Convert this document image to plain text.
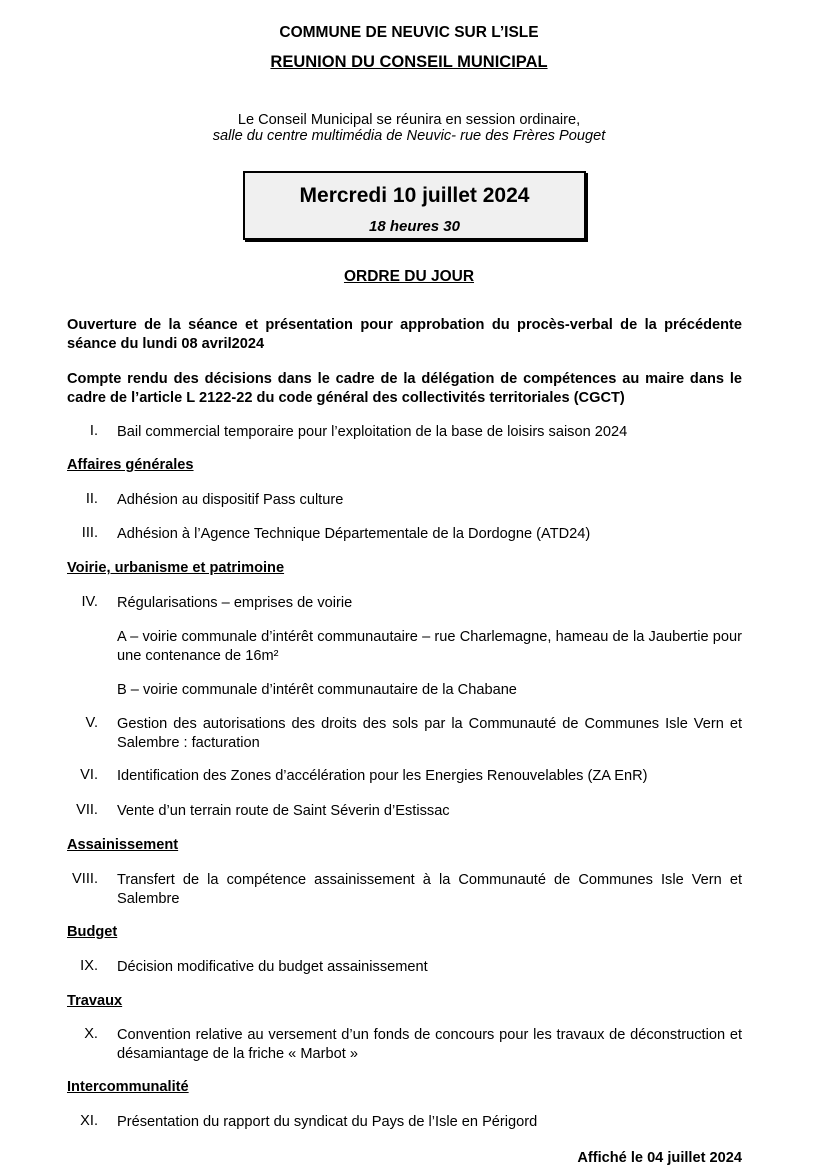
COMMUNE DE NEUVIC SUR L’ISLE
REUNION DU CONSEIL MUNICIPAL
Le Conseil Municipal se réunira en session ordinaire,
salle du centre multimédia de Neuvic- rue des Frères Pouget
Mercredi 10 juillet 2024
18 heures 30
ORDRE DU JOUR
Ouverture de la séance et présentation pour approbation du procès-verbal de la précédente séance du lundi 08 avril2024
Compte rendu des décisions dans le cadre de la délégation de compétences au maire dans le cadre de l’article L 2122-22 du code général des collectivités territoriales (CGCT)
I. Bail commercial temporaire pour l’exploitation de la base de loisirs saison 2024
Affaires générales
II. Adhésion au dispositif Pass culture
III. Adhésion à l’Agence Technique Départementale de la Dordogne (ATD24)
Voirie, urbanisme et patrimoine
IV. Régularisations – emprises de voirie
A – voirie communale d’intérêt communautaire – rue Charlemagne, hameau de la Jaubertie pour une contenance de 16m²
B – voirie communale d’intérêt communautaire de la Chabane
V. Gestion des autorisations des droits des sols par la Communauté de Communes Isle Vern et Salembre : facturation
VI. Identification des Zones d’accélération pour les Energies Renouvelables (ZA EnR)
VII. Vente d’un terrain route de Saint Séverin d’Estissac
Assainissement
VIII. Transfert de la compétence assainissement à la Communauté de Communes Isle Vern et Salembre
Budget
IX. Décision modificative du budget assainissement
Travaux
X. Convention relative au versement d’un fonds de concours pour les travaux de déconstruction et désamiantage de la friche « Marbot »
Intercommunalité
XI. Présentation du rapport du syndicat du Pays de l’Isle en Périgord
Affiché le 04 juillet 2024
